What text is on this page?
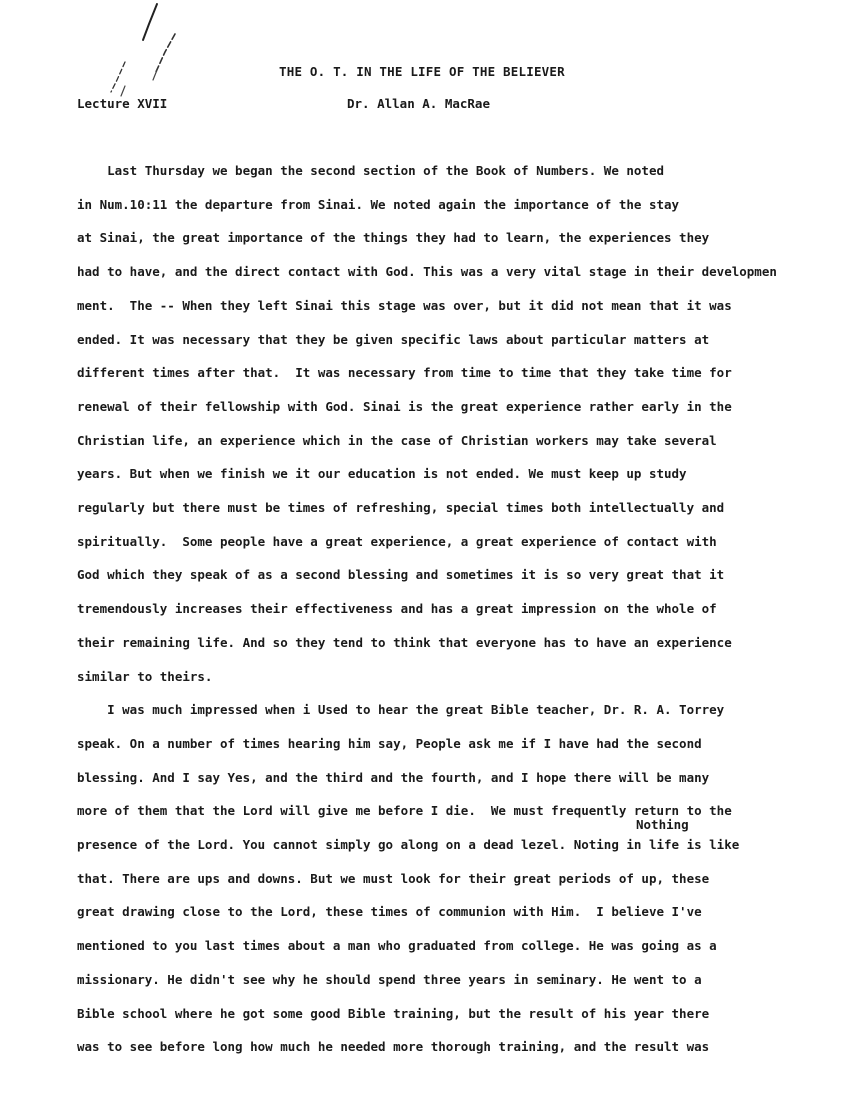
THE O. T. IN THE LIFE OF THE BELIEVER
Lecture XVII	Dr. Allan A. MacRae
Nothing
Last Thursday we began the second section of the Book of Numbers. We noted
in Num.10:11 the departure from Sinai. We noted again the importance of the stay
at Sinai, the great importance of the things they had to learn, the experiences they
had to have, and the direct contact with God. This was a very vital stage in their developmen
ment.  The -- When they left Sinai this stage was over, but it did not mean that it was
ended. It was necessary that they be given specific laws about particular matters at
different times after that.  It was necessary from time to time that they take time for
renewal of their fellowship with God. Sinai is the great experience rather early in the
Christian life, an experience which in the case of Christian workers may take several
years. But when we finish we it our education is not ended. We must keep up study
regularly but there must be times of refreshing, special times both intellectually and
spiritually.  Some people have a great experience, a great experience of contact with
God which they speak of as a second blessing and sometimes it is so very great that it
tremendously increases their effectiveness and has a great impression on the whole of
their remaining life. And so they tend to think that everyone has to have an experience
similar to theirs.
I was much impressed when i Used to hear the great Bible teacher, Dr. R. A. Torrey
speak. On a number of times hearing him say, People ask me if I have had the second
blessing. And I say Yes, and the third and the fourth, and I hope there will be many
more of them that the Lord will give me before I die.  We must frequently return to the
presence of the Lord. You cannot simply go along on a dead lezel. Noting in life is like
that. There are ups and downs. But we must look for their great periods of up, these
great drawing close to the Lord, these times of communion with Him.  I believe I've
mentioned to you last times about a man who graduated from college. He was going as a
missionary. He didn't see why he should spend three years in seminary. He went to a
Bible school where he got some good Bible training, but the result of his year there
was to see before long how much he needed more thorough training, and the result was
